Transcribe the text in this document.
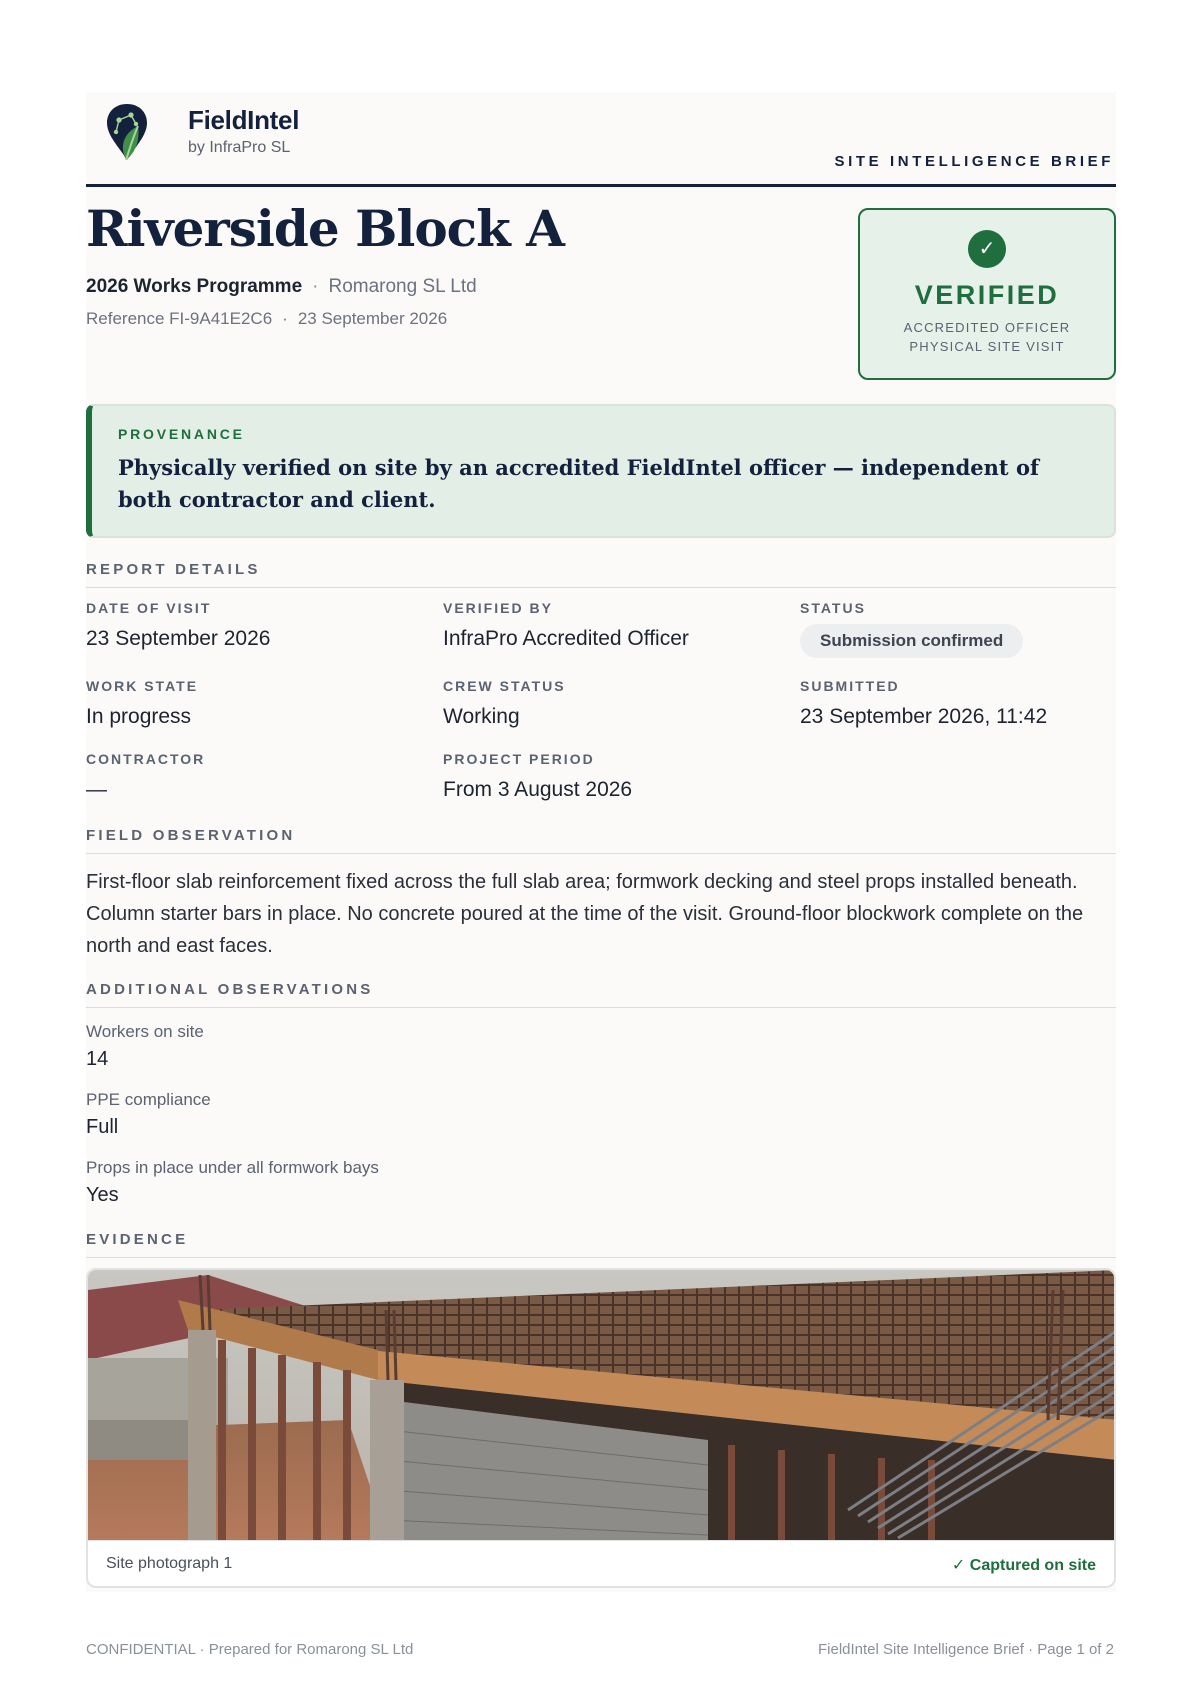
FieldIntel
by InfraPro SL
SITE INTELLIGENCE BRIEF
Riverside Block A
2026 Works Programme · Romarong SL Ltd
Reference FI-9A41E2C6 · 23 September 2026
✓
VERIFIED
ACCREDITED OFFICER
PHYSICAL SITE VISIT
PROVENANCE
Physically verified on site by an accredited FieldIntel officer — independent of both contractor and client.
REPORT DETAILS
DATE OF VISIT
23 September 2026
VERIFIED BY
InfraPro Accredited Officer
STATUS
Submission confirmed
WORK STATE
In progress
CREW STATUS
Working
SUBMITTED
23 September 2026, 11:42
CONTRACTOR
—
PROJECT PERIOD
From 3 August 2026
FIELD OBSERVATION
First-floor slab reinforcement fixed across the full slab area; formwork decking and steel props installed beneath. Column starter bars in place. No concrete poured at the time of the visit. Ground-floor blockwork complete on the north and east faces.
ADDITIONAL OBSERVATIONS
Workers on site
14
PPE compliance
Full
Props in place under all formwork bays
Yes
EVIDENCE
Site photograph 1	✓ Captured on site
CONFIDENTIAL · Prepared for Romarong SL Ltd	FieldIntel Site Intelligence Brief · Page 1 of 2
